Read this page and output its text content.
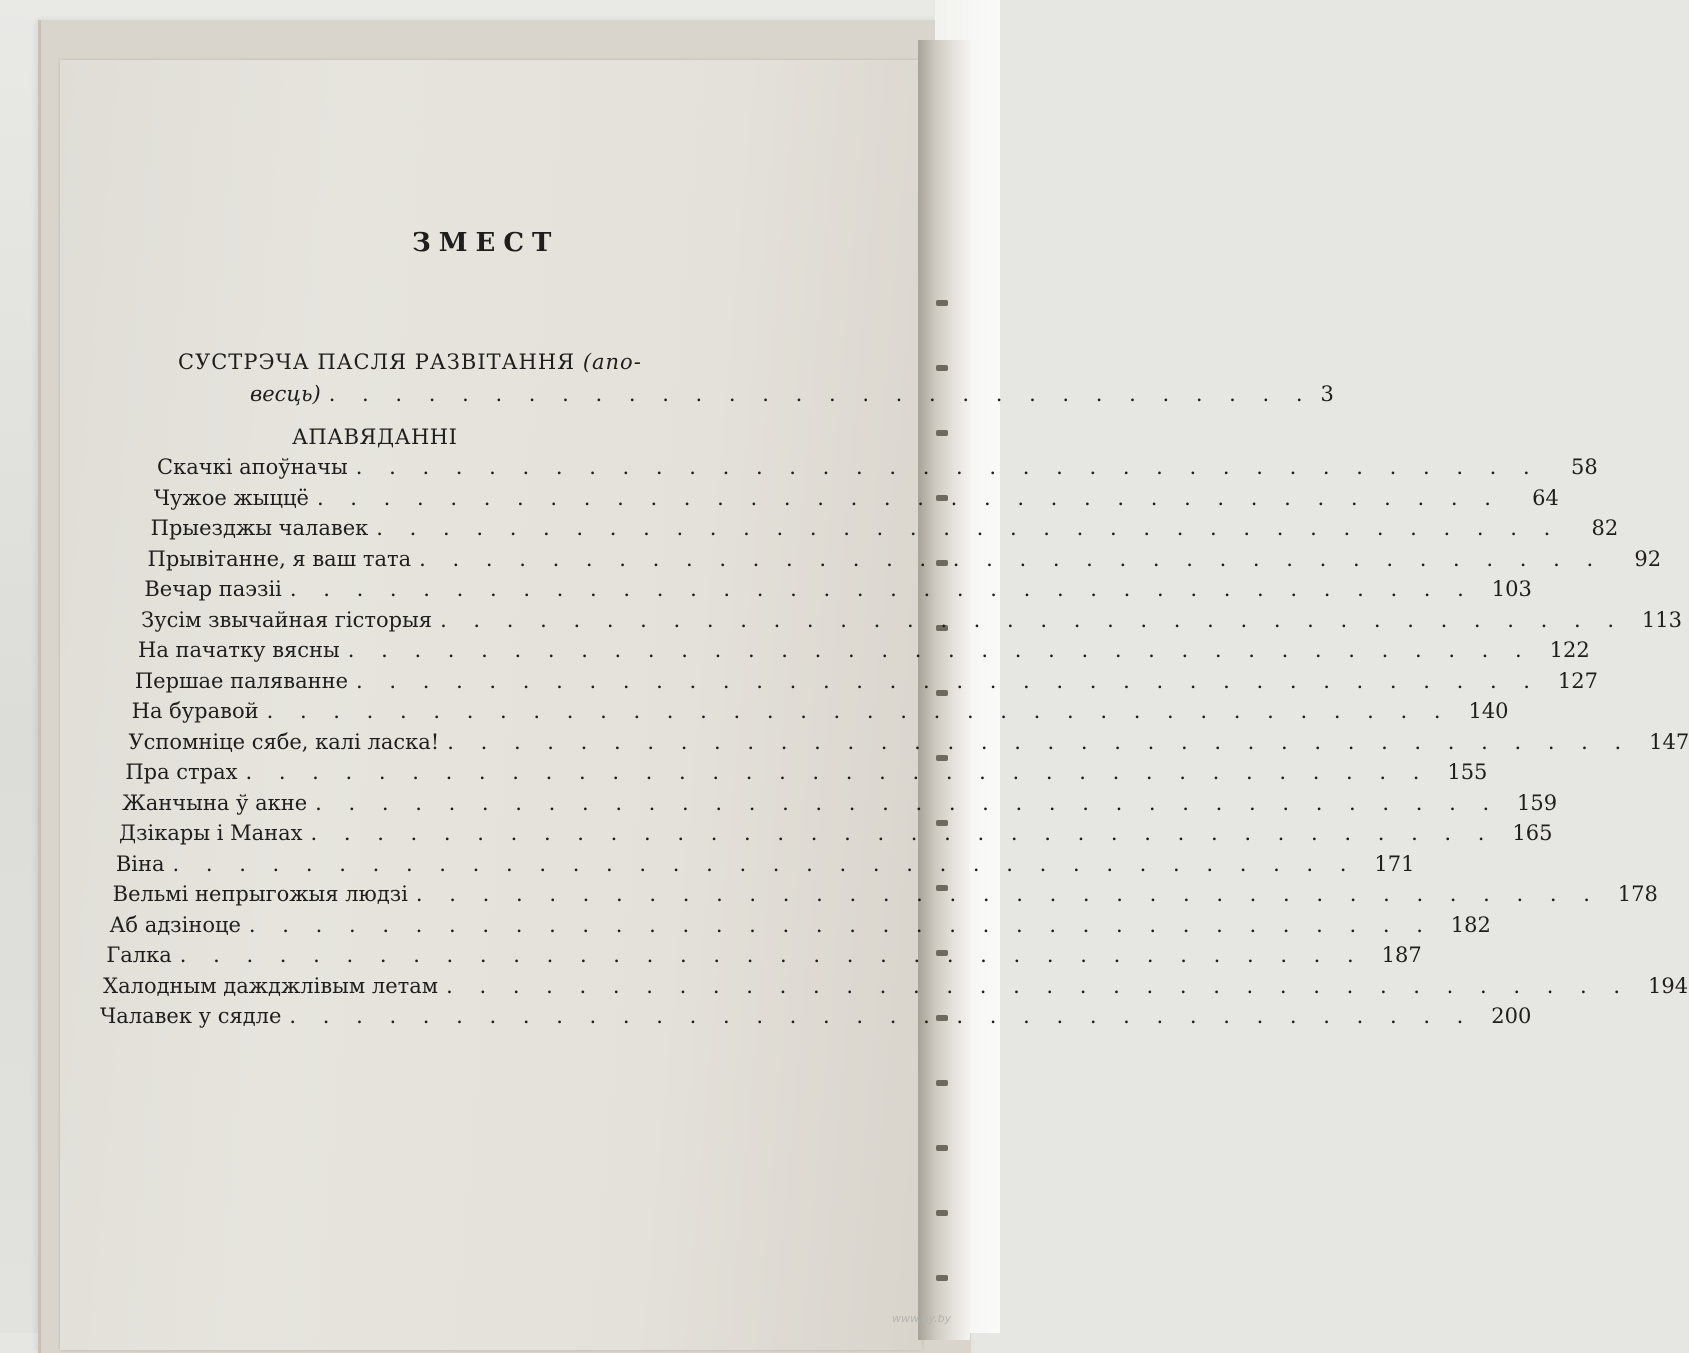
ЗМЕСТ
СУСТРЭЧА ПАСЛЯ РАЗВІТАННЯ (апо-
весць) . . . . . . . . . . . . . . . . . . . . . . . . . . . . . . 3
АПАВЯДАННІ
Скачкі апоўначы . . . . . . . . . . . . . . . . . . . . . . . . . . . . . . . . . . . .	58
Чужое жыццё . . . . . . . . . . . . . . . . . . . . . . . . . . . . . . . . . . . .	64
Прыезджы чалавек . . . . . . . . . . . . . . . . . . . . . . . . . . . . . . . . . . . .	82
Прывітанне, я ваш тата . . . . . . . . . . . . . . . . . . . . . . . . . . . . . . . . . . . .	92
Вечар паэзіі . . . . . . . . . . . . . . . . . . . . . . . . . . . . . . . . . . . . 103
Зусім звычайная гісторыя . . . . . . . . . . . . . . . . . . . . . . . . . . . . . . . . . . . . 113
На пачатку вясны . . . . . . . . . . . . . . . . . . . . . . . . . . . . . . . . . . . . 122
Першае паляванне . . . . . . . . . . . . . . . . . . . . . . . . . . . . . . . . . . . . 127
На буравой . . . . . . . . . . . . . . . . . . . . . . . . . . . . . . . . . . . . 140
Успомніце сябе, калі ласка! . . . . . . . . . . . . . . . . . . . . . . . . . . . . . . . . . . . . 147
Пра страх . . . . . . . . . . . . . . . . . . . . . . . . . . . . . . . . . . . . 155
Жанчына ў акне . . . . . . . . . . . . . . . . . . . . . . . . . . . . . . . . . . . . 159
Дзікары і Манах . . . . . . . . . . . . . . . . . . . . . . . . . . . . . . . . . . . . 165
Віна . . . . . . . . . . . . . . . . . . . . . . . . . . . . . . . . . . . . 171
Вельмі непрыгожыя людзі . . . . . . . . . . . . . . . . . . . . . . . . . . . . . . . . . . . . 178
Аб адзіноце . . . . . . . . . . . . . . . . . . . . . . . . . . . . . . . . . . . . 182
Галка . . . . . . . . . . . . . . . . . . . . . . . . . . . . . . . . . . . . 187
Халодным дажджлівым летам . . . . . . . . . . . . . . . . . . . . . . . . . . . . . . . . . . . . 194
Чалавек у сядле . . . . . . . . . . . . . . . . . . . . . . . . . . . . . . . . . . . . 200
www.ay.by
